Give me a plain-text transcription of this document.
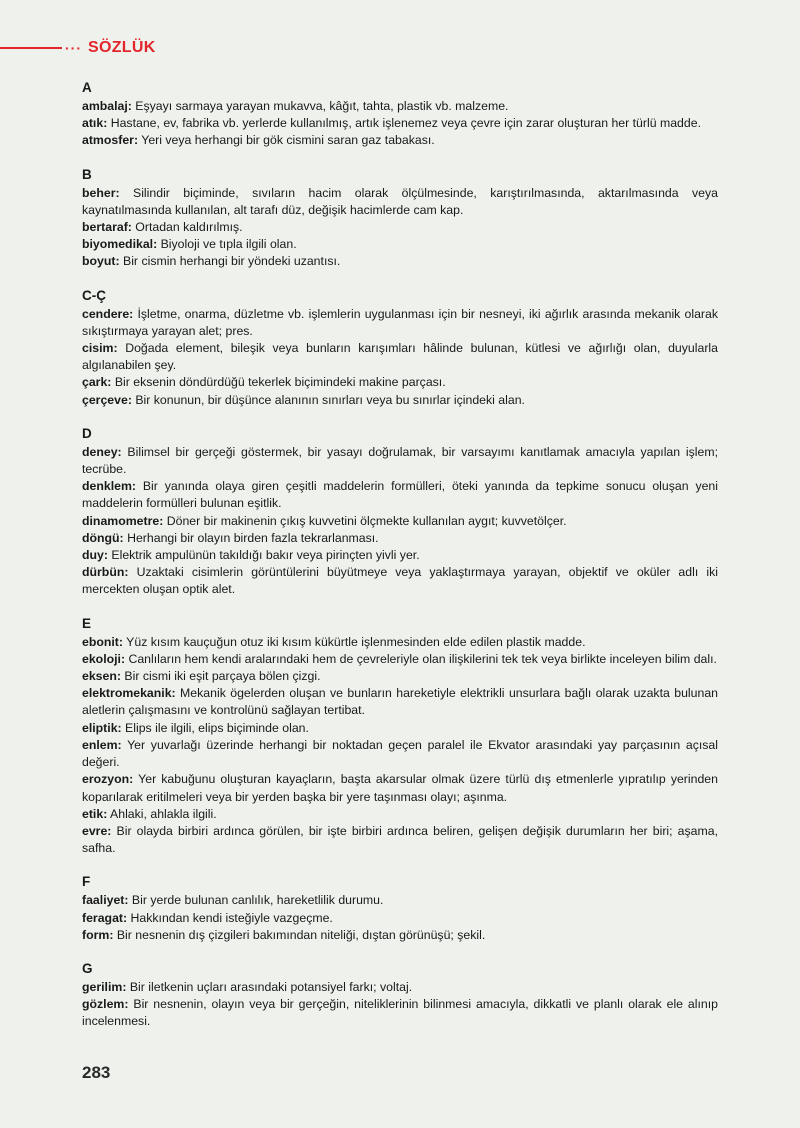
··· SÖZLÜK
A

ambalaj: Eşyayı sarmaya yarayan mukavva, kâğıt, tahta, plastik vb. malzeme.

atık: Hastane, ev, fabrika vb. yerlerde kullanılmış, artık işlenemez veya çevre için zarar oluşturan her türlü madde.

atmosfer: Yeri veya herhangi bir gök cismini saran gaz tabakası.

B

beher: Silindir biçiminde, sıvıların hacim olarak ölçülmesinde, karıştırılmasında, aktarılmasında veya kaynatılmasında kullanılan, alt tarafı düz, değişik hacimlerde cam kap.

bertaraf: Ortadan kaldırılmış.

biyomedikal: Biyoloji ve tıpla ilgili olan.

boyut: Bir cismin herhangi bir yöndeki uzantısı.

C-Ç

cendere: İşletme, onarma, düzletme vb. işlemlerin uygulanması için bir nesneyi, iki ağırlık arasında mekanik olarak sıkıştırmaya yarayan alet; pres.

cisim: Doğada element, bileşik veya bunların karışımları hâlinde bulunan, kütlesi ve ağırlığı olan, duyularla algılanabilen şey.

çark: Bir eksenin döndürdüğü tekerlek biçimindeki makine parçası.

çerçeve: Bir konunun, bir düşünce alanının sınırları veya bu sınırlar içindeki alan.

D

deney: Bilimsel bir gerçeği göstermek, bir yasayı doğrulamak, bir varsayımı kanıtlamak amacıyla yapılan işlem; tecrübe.

denklem: Bir yanında olaya giren çeşitli maddelerin formülleri, öteki yanında da tepkime sonucu oluşan yeni maddelerin formülleri bulunan eşitlik.

dinamometre: Döner bir makinenin çıkış kuvvetini ölçmekte kullanılan aygıt; kuvvetölçer.

döngü: Herhangi bir olayın birden fazla tekrarlanması.

duy: Elektrik ampulünün takıldığı bakır veya pirinçten yivli yer.

dürbün: Uzaktaki cisimlerin görüntülerini büyütmeye veya yaklaştırmaya yarayan, objektif ve oküler adlı iki mercekten oluşan optik alet.

E

ebonit: Yüz kısım kauçuğun otuz iki kısım kükürtle işlenmesinden elde edilen plastik madde.

ekoloji: Canlıların hem kendi aralarındaki hem de çevreleriyle olan ilişkilerini tek tek veya birlikte inceleyen bilim dalı.

eksen: Bir cismi iki eşit parçaya bölen çizgi.

elektromekanik: Mekanik ögelerden oluşan ve bunların hareketiyle elektrikli unsurlara bağlı olarak uzakta bulunan aletlerin çalışmasını ve kontrolünü sağlayan tertibat.

eliptik: Elips ile ilgili, elips biçiminde olan.

enlem: Yer yuvarlağı üzerinde herhangi bir noktadan geçen paralel ile Ekvator arasındaki yay parçasının açısal değeri.

erozyon: Yer kabuğunu oluşturan kayaçların, başta akarsular olmak üzere türlü dış etmenlerle yıpratılıp yerinden koparılarak eritilmeleri veya bir yerden başka bir yere taşınması olayı; aşınma.

etik: Ahlaki, ahlakla ilgili.

evre: Bir olayda birbiri ardınca görülen, bir işte birbiri ardınca beliren, gelişen değişik durumların her biri; aşama, safha.

F

faaliyet: Bir yerde bulunan canlılık, hareketlilik durumu.

feragat: Hakkından kendi isteğiyle vazgeçme.

form: Bir nesnenin dış çizgileri bakımından niteliği, dıştan görünüşü; şekil.

G

gerilim: Bir iletkenin uçları arasındaki potansiyel farkı; voltaj.

gözlem: Bir nesnenin, olayın veya bir gerçeğin, niteliklerinin bilinmesi amacıyla, dikkatli ve planlı olarak ele alınıp incelenmesi.

283
